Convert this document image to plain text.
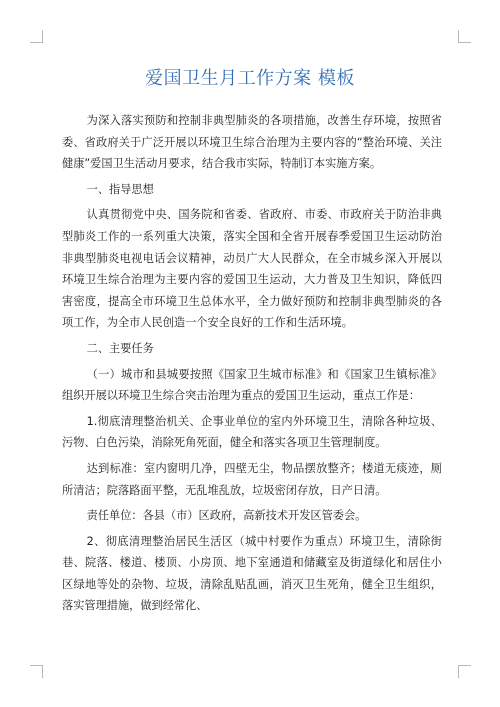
爱国卫生月工作方案 模板

为深入落实预防和控制非典型肺炎的各项措施，改善生存环境，按照省委、省政府关于广泛开展以环境卫生综合治理为主要内容的“整治环境、关注健康”爱国卫生活动月要求，结合我市实际，特制订本实施方案。

一、指导思想

认真贯彻党中央、国务院和省委、省政府、市委、市政府关于防治非典型肺炎工作的一系列重大决策，落实全国和全省开展春季爱国卫生运动防治非典型肺炎电视电话会议精神，动员广大人民群众，在全市城乡深入开展以环境卫生综合治理为主要内容的爱国卫生运动，大力普及卫生知识，降低四害密度，提高全市环境卫生总体水平，全力做好预防和控制非典型肺炎的各项工作，为全市人民创造一个安全良好的工作和生活环境。

二、主要任务

（一）城市和县城要按照《国家卫生城市标准》和《国家卫生镇标准》组织开展以环境卫生综合突击治理为重点的爱国卫生运动，重点工作是：

1.彻底清理整治机关、企事业单位的室内外环境卫生，清除各种垃圾、污物、白色污染，消除死角死面，健全和落实各项卫生管理制度。

达到标准：室内窗明几净，四壁无尘，物品摆放整齐；楼道无痰迹，厕所清洁；院落路面平整，无乱堆乱放，垃圾密闭存放，日产日清。

责任单位：各县（市）区政府，高新技术开发区管委会。

2、彻底清理整治居民生活区（城中村要作为重点）环境卫生，清除街巷、院落、楼道、楼顶、小房顶、地下室通道和储藏室及街道绿化和居住小区绿地等处的杂物、垃圾，清除乱贴乱画，消灭卫生死角，健全卫生组织，落实管理措施，做到经常化、
